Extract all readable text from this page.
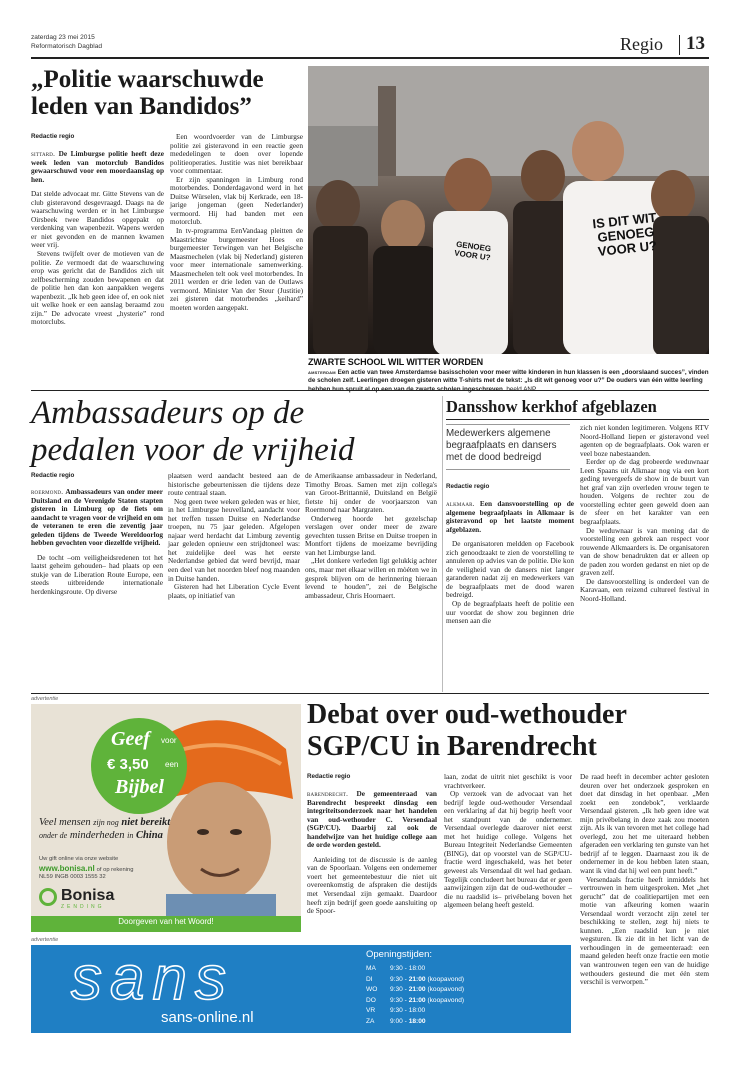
zaterdag 23 mei 2015
Reformatorisch Dagblad	Regio 13
„Politie waarschuwde
leden van Bandidos”
Redactie regio

sittard. De Limburgse politie heeft deze week leden van motorclub Bandidos gewaarschuwd voor een moordaanslag op hen.

Dat stelde advocaat mr. Gitte Stevens van de club gisteravond desgevraagd. Daags na de waarschuwing werden er in het Limburgse Oirsbeek twee Bandidos opgepakt op verdenking van wapenbezit. Wapens werden er niet gevonden en de mannen kwamen weer vrij.

Stevens twijfelt over de motieven van de politie. Ze vermoedt dat de waarschuwing erop was gericht dat de Bandidos zich uit zelfbescherming zouden bewapenen en dat de politie hen dan kon aanpakken wegens wapenbezit. „Ik heb geen idee of, en ook niet uit welke hoek er een aanslag beraamd zou zijn.” De advocate vreest „hysterie” rond motorclubs.

Een woordvoerder van de Limburgse politie zei gisteravond in een reactie geen mededelingen te doen over lopende politieoperaties. Justitie was niet bereikbaar voor commentaar.

Er zijn spanningen in Limburg rond motorbendes. Donderdagavond werd in het Duitse Würselen, vlak bij Kerkrade, een 18-jarige jongeman (geen Nederlander) vermoord. Hij had banden met een motorclub.

In tv-programma EenVandaag pleitten de Maastrichtse burgemeester Hoes en burgemeester Terwingen van het Belgische Maasmechelen (vlak bij Nederland) gisteren voor meer internationale samenwerking. Maasmechelen telt ook veel motorbendes. In 2011 werden er drie leden van de Outlaws vermoord. Minister Van der Steur (Justitie) zei gisteren dat motorbendes „keihard” moeten worden aangepakt.

IS DIT WIT GENOEG VOOR U?
GENOEG VOOR U?
ZWARTE SCHOOL WIL WITTER WORDEN
amsterdam Een actie van twee Amsterdamse basisscholen voor meer witte kinderen in hun klassen is een „doorslaand succes”, vinden de scholen zelf. Leerlingen droegen gisteren witte T-shirts met de tekst: „Is dit wit genoeg voor u?” De ouders van één witte leerling
Ambassadeurs op de
pedalen voor de vrijheid
Redactie regio

roermond. Ambassadeurs van onder meer Duitsland en de Verenigde Staten stapten gisteren in Limburg op de fiets om aandacht te vragen voor de vrijheid en om de veteranen te eren die zeventig jaar geleden tijdens de Tweede Wereldoorlog hebben gevochten voor diezelfde vrijheid.

De tocht –om veiligheidsredenen tot het laatst geheim gehouden– had plaats op een stukje van de Liberation Route Europe, een steeds uitbreidende internationale herdenkingsroute. Op diverse

plaatsen werd aandacht besteed aan de historische gebeurtenissen die tijdens deze route centraal staan.

Nog geen twee weken geleden was er hier, in het Limburgse heuvelland, aandacht voor het treffen tussen Duitse en Nederlandse troepen, nu 75 jaar geleden. Afgelopen najaar werd herdacht dat Limburg zeventig jaar geleden opnieuw een strijdtoneel was: het zuidelijke deel was het eerste Nederlandse gebied dat werd bevrijd, maar een deel van het noorden bleef nog maanden in Duitse handen.

Gisteren had het Liberation Cycle Event plaats, op initiatief van

de Amerikaanse ambassadeur in Nederland, Timothy Broas. Samen met zijn collega's van Groot-Brittannië, Duitsland en België fietste hij onder de voorjaarszon van Roermond naar Margraten.

Onderweg hoorde het gezelschap verslagen over onder meer de zware gevechten tussen Britse en Duitse troepen in Montfort tijdens de moeizame bevrijding van het Limburgse land.

„Het donkere verleden ligt gelukkig achter ons, maar met elkaar willen en mòéten we in gesprek blijven om de herinnering hieraan levend te houden”, zei de Belgische ambassadeur, Chris Hoornaert.

Dansshow kerkhof afgeblazen
Medewerkers algemene begraafplaats en dansers met de dood bedreigd
Redactie regio

alkmaar. Een dansvoorstelling op de algemene begraafplaats in Alkmaar is gisteravond op het laatste moment afgeblazen.

De organisatoren meldden op Facebook zich genoodzaakt te zien de voorstelling te annuleren op advies van de politie. Die kon de veiligheid van de dansers niet langer garanderen nadat zij en medewerkers van de begraafplaats met de dood waren bedreigd.

Op de begraafplaats heeft de politie een uur voordat de show zou beginnen drie mensen aan die

zich niet konden legitimeren. Volgens RTV Noord-Holland liepen er gisteravond veel agenten op de begraafplaats. Ook waren er veel boze nabestaanden.

Eerder op de dag probeerde weduwnaar Leen Spaans uit Alkmaar nog via een kort geding tevergeefs de show in de buurt van het graf van zijn overleden vrouw tegen te houden. Volgens de rechter zou de voorstelling echter geen geweld doen aan de sfeer en het karakter van een begraafplaats.

De weduwnaar is van mening dat de voorstelling een gebrek aan respect voor rouwende Alkmaarders is. De organisatoren van de show benadrukten dat er alleen op de paden zou worden gedanst en niet op de graven zelf.

De dansvoorstelling is onderdeel van de Karavaan, een reizend cultureel festival in Noord-Holland.

advertentie
Geef voor
€ 3,50 een
Bijbel
Veel mensen zijn nog niet bereikt onder de minderheden in China
Uw gift online via onze website
www.bonisa.nl of op rekening
NL59 INGB 0003 1555 32
Bonisa
ZENDING
Doorgeven van het Woord!
Debat over oud-wethouder
SGP/CU in Barendrecht
Redactie regio

barendrecht. De gemeenteraad van Barendrecht bespreekt dinsdag een integriteitsonderzoek naar het handelen van oud-wethouder C. Versendaal (SGP/CU). Daarbij zal ook de handelwijze van het huidige college aan de orde worden gesteld.

Aanleiding tot de discussie is de aanleg van de Spoorlaan. Volgens een ondernemer voert het gemeentebestuur die niet uit overeenkomstig de afspraken die destijds met Versendaal zijn gemaakt. Daardoor heeft zijn bedrijf geen goede aansluiting op de Spoor-

laan, zodat de uitrit niet geschikt is voor vrachtverkeer.

Op verzoek van de advocaat van het bedrijf legde oud-wethouder Versendaal een verklaring af dat hij begrip heeft voor het standpunt van de ondernemer. Versendaal overlegde daarover niet eerst met het huidige college. Volgens het Bureau Integriteit Nederlandse Gemeenten (BING), dat op voorstel van de SGP/CU-fractie werd ingeschakeld, was het beter geweest als Versendaal dit wel had gedaan. Tegelijk concludeert het bureau dat er geen aanwijzingen zijn dat de oud-wethouder –die nu raadslid is– privébelang boven het algemeen belang heeft gesteld.

De raad heeft in december achter gesloten deuren over het onderzoek gesproken en doet dat dinsdag in het openbaar. „Men zoekt een zondebok”, verklaarde Versendaal gisteren. „Ik heb geen idee wat mijn privébelang in deze zaak zou moeten zijn. Als ik van tevoren met het college had overlegd, zou het me uiteraard hebben afgeraden een verklaring ten gunste van het bedrijf af te leggen. Daarnaast zou ik de ondernemer in de kou hebben laten staan, want ik vind dat hij wel een punt heeft.”

Versendaals fractie heeft inmiddels het vertrouwen in hem uitgesproken. Met „het gerucht” dat de coalitiepartijen met een motie van afkeuring komen waarin Versendaal wordt verzocht zijn zetel ter beschikking te stellen, zegt hij niets te kunnen. „Een raadslid kun je niet wegsturen. Ik zie dit in het licht van de verhoudingen in de gemeenteraad: een maand geleden heeft onze fractie een motie van wantrouwen tegen een van de huidige wethouders gesteund die met één stem verschil is verworpen.”

advertentie
sans
sans-online.nl
Openingstijden:
MA 9:30 - 18:00
DI	9:30 - 21:00 (koopavond)
WO 9:30 - 21:00 (koopavond)
DO 9:30 - 21:00 (koopavond)
VR 9:30 - 18:00
ZA 9:00 - 18:00
